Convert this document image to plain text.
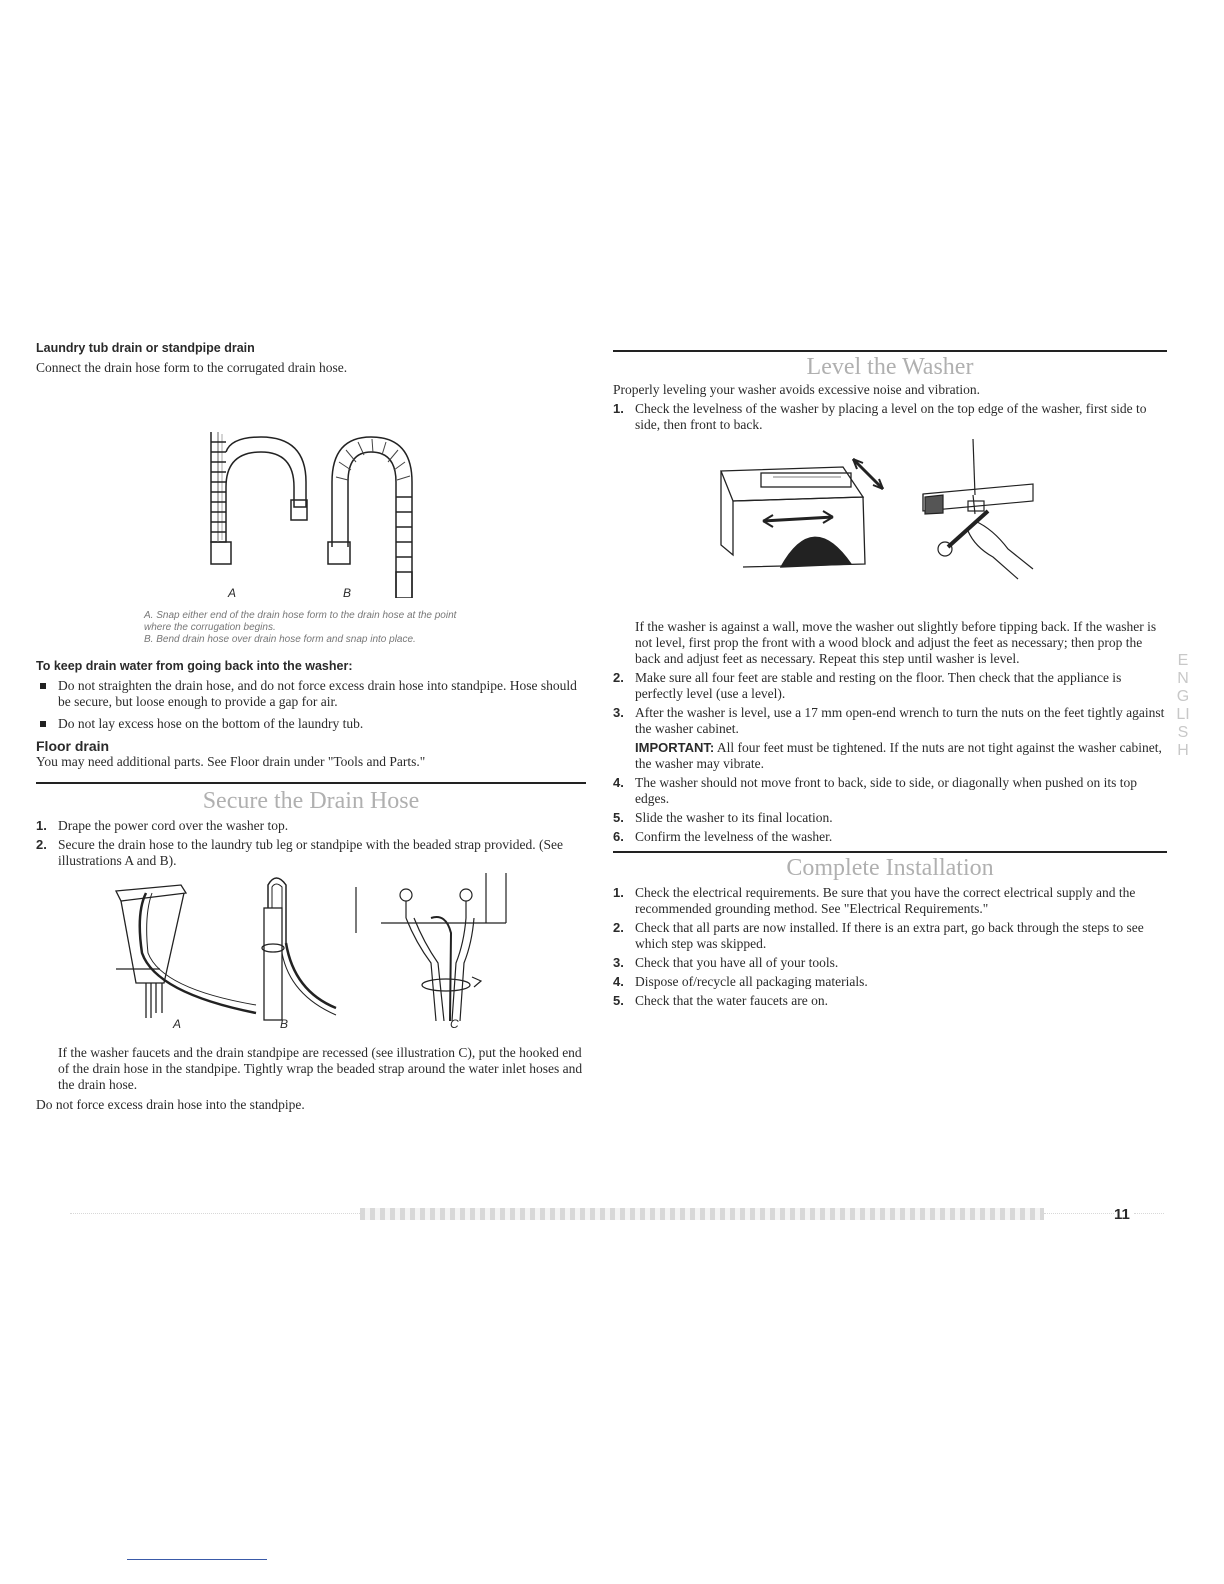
Laundry tub drain or standpipe drain

Connect the drain hose form to the corrugated drain hose.

A	B

A. Snap either end of the drain hose form to the drain hose at the point where the corrugation begins.

B. Bend drain hose over drain hose form and snap into place.

To keep drain water from going back into the washer:

Do not straighten the drain hose, and do not force excess drain hose into standpipe. Hose should be secure, but loose enough to provide a gap for air.
Do not lay excess hose on the bottom of the laundry tub.

Floor drain

You may need additional parts. See Floor drain under "Tools and Parts."

Secure the Drain Hose

1. Drape the power cord over the washer top.
2. Secure the drain hose to the laundry tub leg or standpipe with the beaded strap provided. (See illustrations A and B).
A	B	C

If the washer faucets and the drain standpipe are recessed (see illustration C), put the hooked end of the drain hose in the standpipe. Tightly wrap the beaded strap around the water inlet hoses and the drain hose.

Do not force excess drain hose into the standpipe.

Level the Washer

Properly leveling your washer avoids excessive noise and vibration.

1. Check the levelness of the washer by placing a level on the top edge of the washer, first side to side, then front to back.

If the washer is against a wall, move the washer out slightly before tipping back. If the washer is not level, first prop the front with a wood block and adjust the feet as necessary; then prop the back and adjust feet as necessary. Repeat this step until washer is level.

2. Make sure all four feet are stable and resting on the floor. Then check that the appliance is perfectly level (use a level).
3. After the washer is level, use a 17 mm open-end wrench to turn the nuts on the feet tightly against the washer cabinet.

IMPORTANT: All four feet must be tightened. If the nuts are not tight against the washer cabinet, the washer may vibrate.

4. The washer should not move front to back, side to side, or diagonally when pushed on its top edges.
5. Slide the washer to its final location.
6. Confirm the levelness of the washer.

Complete Installation

1. Check the electrical requirements. Be sure that you have the correct electrical supply and the recommended grounding method. See "Electrical Requirements."
2. Check that all parts are now installed. If there is an extra part, go back through the steps to see which step was skipped.
3. Check that you have all of your tools.
4. Dispose of/recycle all packaging materials.
5. Check that the water faucets are on.
ENGLISH
11
